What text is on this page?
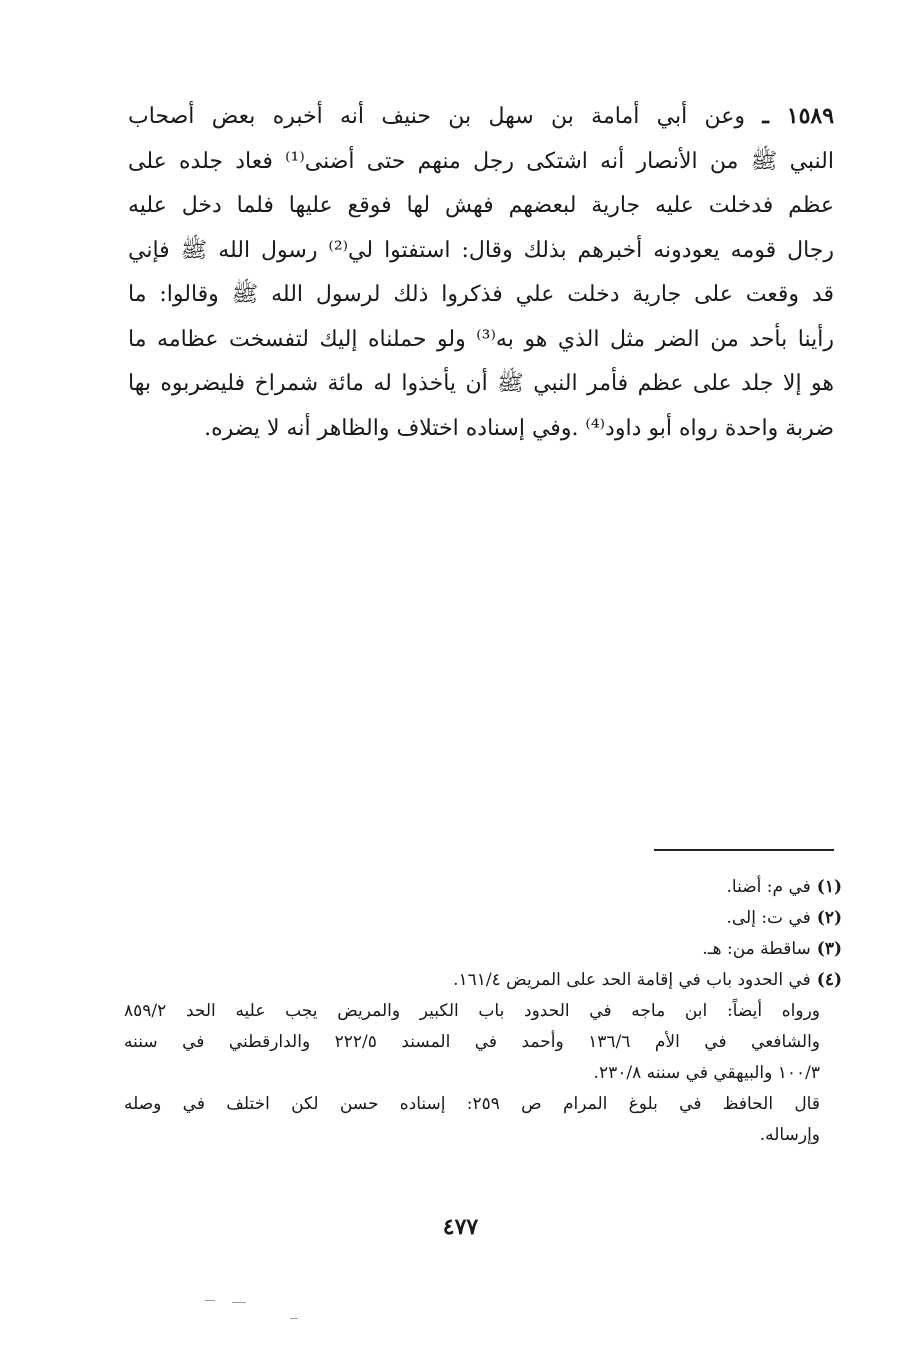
١٥٨٩ ـ وعن أبي أمامة بن سهل بن حنيف أنه أخبره بعض أصحاب
النبي ﷺ من الأنصار أنه اشتكى رجل منهم حتى أضنى⁽¹⁾ فعاد جلده على
عظم فدخلت عليه جارية لبعضهم فهش لها فوقع عليها فلما دخل عليه
رجال قومه يعودونه أخبرهم بذلك وقال: استفتوا لي⁽²⁾ رسول الله ﷺ فإني
قد وقعت على جارية دخلت علي فذكروا ذلك لرسول الله ﷺ وقالوا: ما
رأينا بأحد من الضر مثل الذي هو به⁽³⁾ ولو حملناه إليك لتفسخت عظامه ما
هو إلا جلد على عظم فأمر النبي ﷺ أن يأخذوا له مائة شمراخ فليضربوه بها
ضربة واحدة رواه أبو داود⁽⁴⁾ .وفي إسناده اختلاف والظاهر أنه لا يضره.
(١)في م: أضنا.
(٢)في ت: إلى.
(٣)ساقطة من: هـ.
(٤)في الحدود باب في إقامة الحد على المريض ١٦١/٤.
ورواه أيضاً: ابن ماجه في الحدود باب الكبير والمريض يجب عليه الحد ٨٥٩/٢
والشافعي في الأم ١٣٦/٦ وأحمد في المسند ٢٢٢/٥ والدارقطني في سننه
١٠٠/٣ والبيهقي في سننه ٢٣٠/٨.
قال الحافظ في بلوغ المرام ص ٢٥٩: إسناده حسن لكن اختلف في وصله
وإرساله.
٤٧٧
